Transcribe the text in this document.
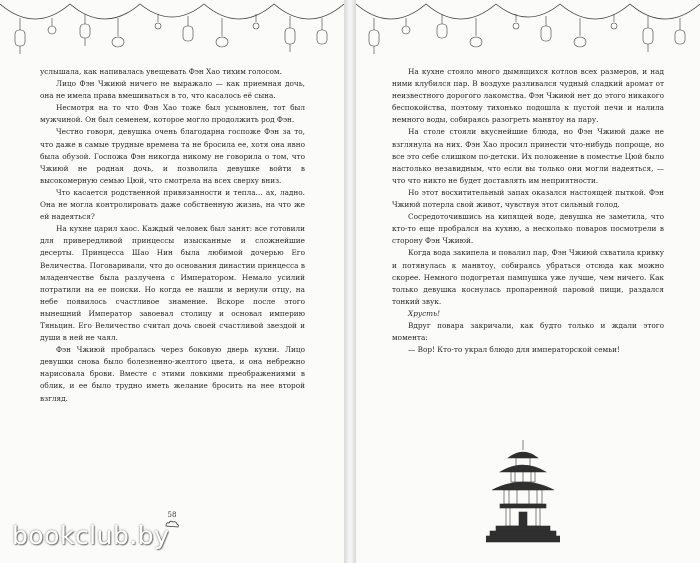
услышала, как напивалась увещевать Фэн Хао тихим голосом.

Лицо Фэн Чжиюй ничего не выражало — как приемная дочь, она не имела права вмешиваться в то, что касалось её сына.

Несмотря на то что Фэн Хао тоже был усыновлен, тот был мужчиной. Он был семенем, которое могло продолжить род Фэн.

Честно говоря, девушка очень благодарна госпоже Фэн за то, что даже в самые трудные времена та не бросила ее, хотя она явно была обузой. Госпожа Фэн никогда никому не говорила о том, что Чжиюй не родная дочь, и позволила девушке войти в высокомерную семью Цюй, что смотрела на всех сверху вниз.

Что касается родственной привязанности и тепла... ах, ладно. Она не могла контролировать даже собственную жизнь, на что же ей надеяться?

На кухне царил хаос. Каждый человек был занят: все готовили для привередливой принцессы изысканные и сложнейшие десерты. Принцесса Шао Нин была любимой дочерью Его Величества. Поговаривали, что до основания династии принцесса в младенчестве была разлучена с Императором. Немало усилий потратили на ее поиски. Но когда ее нашли и вернули отцу, на небе появилось счастливое знамение. Вскоре после этого нынешний Император завоевал столицу и основал империю Тяньцин. Его Величество считал дочь своей счастливой звездой и души в ней не чаял.

Фэн Чжиюй пробралась через боковую дверь кухни. Лицо девушки снова было болезненно-желтого цвета, и она небрежно нарисовала брови. Вместе с этими ловкими преображениями в облик, и ее было трудно иметь желание бросить на нее второй взгляд.

58
bookclub.by

На кухне стояло много дымящихся котлов всех размеров, и над ними клубился пар. В воздухе разливался чудный сладкий аромат от неизвестного дорогого лакомства. Фэн Чжиюй нет до этого никакого беспокойства, поэтому тихонько подошла к пустой печи и налила немного воды, собираясь разогреть манвтоу на пару.

На столе стояли вкуснейшие блюда, но Фэн Чжиюй даже не взглянула на них. Фэн Хао просил принести что-нибудь попроще, но все это себе слишком по-детски. Их положение в поместье Цюй было настолько незавидным, что если вы только они могли надеяться, — что что никто не будет доставлять им неприятности.

Но этот восхитительный запах оказался настоящей пыткой. Фэн Чжиюй потерла свой живот, чувствуя этот сильный голод.

Сосредоточившись на кипящей воде, девушка не заметила, что кто-то еще пробрался на кухню, а несколько поваров посмотрели в сторону Фэн Чжиюй.

Когда вода закипела и повалил пар, Фэн Чжиюй схватила кривку и потянулась к манвтоу, собираясь убраться отсюда как можно скорее. Немного подогретая пампушка уже лучше, чем ничего. Как только девушка коснулась пропаренной паровой пищи, раздался тонкий звук.

Хрусть!

Вдруг повара закричали, как будто только и ждали этого момента:

— Вор! Кто-то украл блюдо для императорской семьи!
